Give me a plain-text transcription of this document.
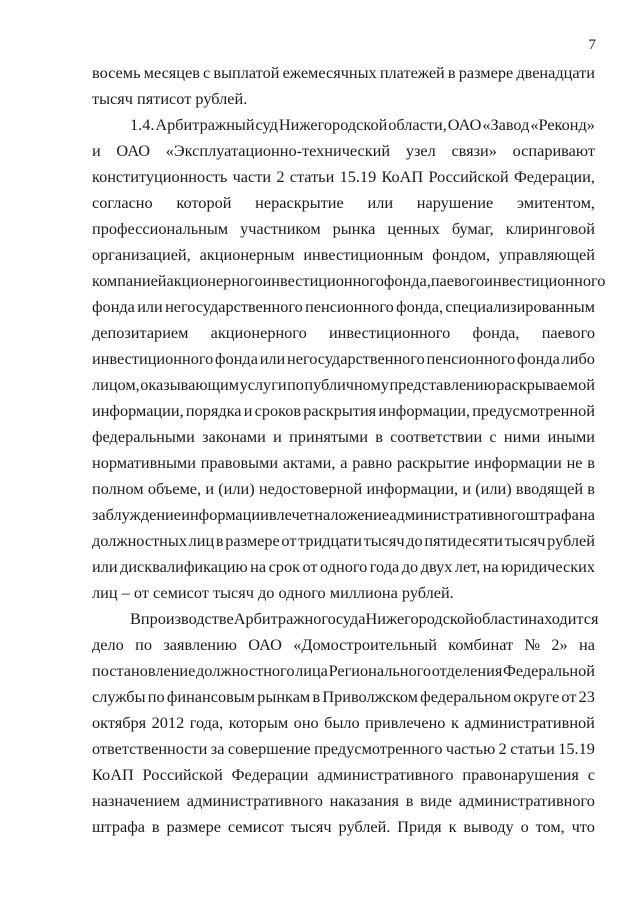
7
восемь месяцев с выплатой ежемесячных платежей в размере двенадцати
тысяч пятисот рублей.
1.4. Арбитражный суд Нижегородской области, ОАО «Завод «Реконд»
и ОАО «Эксплуатационно-технический узел связи» оспаривают
конституционность части 2 статьи 15.19 КоАП Российской Федерации,
согласно которой нераскрытие или нарушение эмитентом,
профессиональным участником рынка ценных бумаг, клиринговой
организацией, акционерным инвестиционным фондом, управляющей
компанией акционерного инвестиционного фонда, паевого инвестиционного
фонда или негосударственного пенсионного фонда, специализированным
депозитарием акционерного инвестиционного фонда, паевого
инвестиционного фонда или негосударственного пенсионного фонда либо
лицом, оказывающим услуги по публичному представлению раскрываемой
информации, порядка и сроков раскрытия информации, предусмотренной
федеральными законами и принятыми в соответствии с ними иными
нормативными правовыми актами, а равно раскрытие информации не в
полном объеме, и (или) недостоверной информации, и (или) вводящей в
заблуждение информации влечет наложение административного штрафа на
должностных лиц в размере от тридцати тысяч до пятидесяти тысяч рублей
или дисквалификацию на срок от одного года до двух лет, на юридических
лиц – от семисот тысяч до одного миллиона рублей.
В производстве Арбитражного суда Нижегородской области находится
дело по заявлению ОАО «Домостроительный комбинат № 2» на
постановление должностного лица Регионального отделения Федеральной
службы по финансовым рынкам в Приволжском федеральном округе от 23
октября 2012 года, которым оно было привлечено к административной
ответственности за совершение предусмотренного частью 2 статьи 15.19
КоАП Российской Федерации административного правонарушения с
назначением административного наказания в виде административного
штрафа в размере семисот тысяч рублей. Придя к выводу о том, что
